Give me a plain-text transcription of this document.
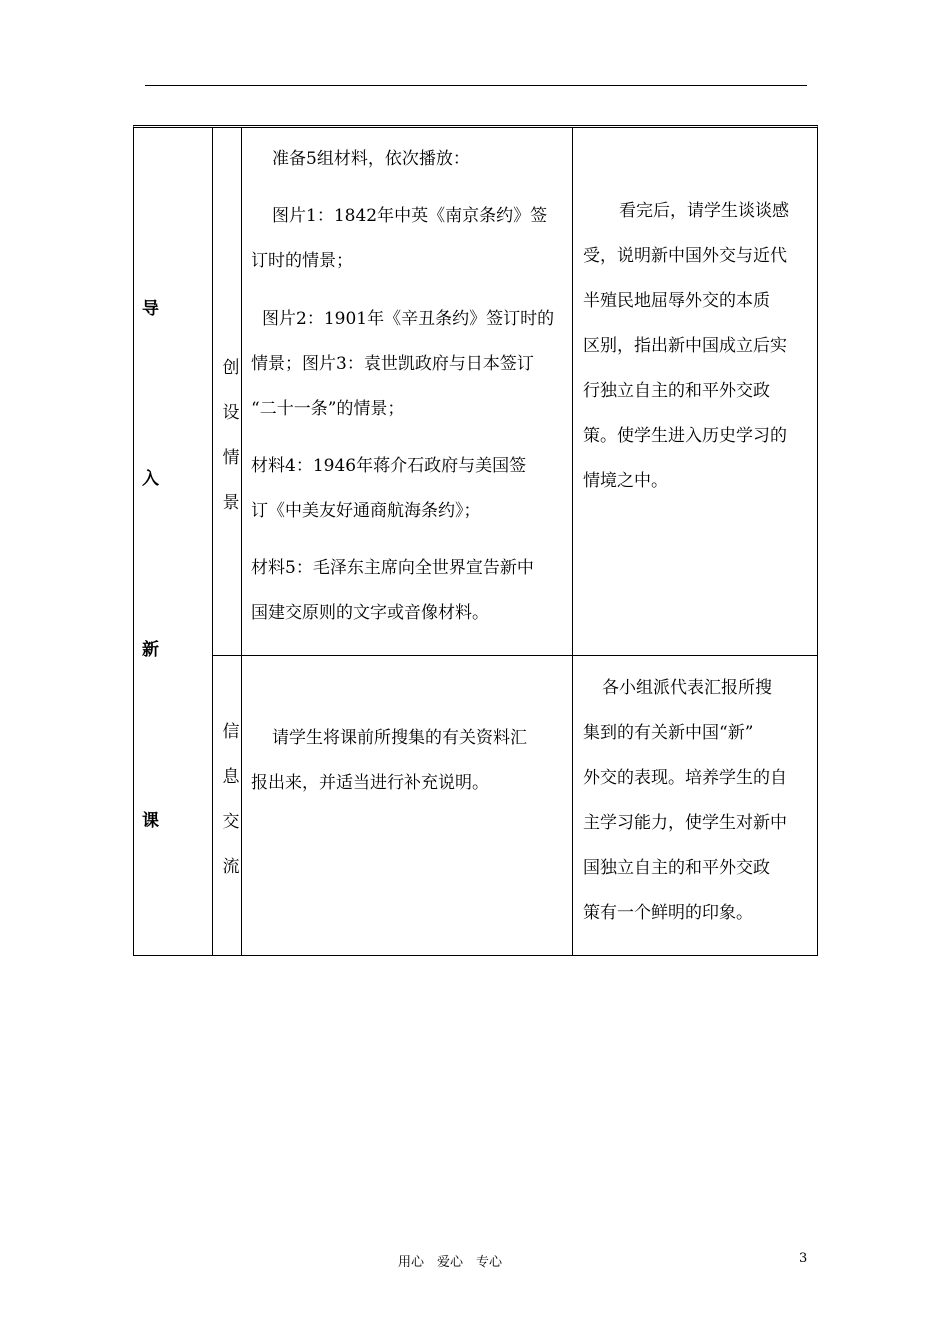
导
入
新
课
创
设
情
景
准备5组材料，依次播放：
图片1：1842年中英《南京条约》签
订时的情景；
图片2：1901年《辛丑条约》签订时的
情景；图片3：袁世凯政府与日本签订
“二十一条”的情景；
材料4：1946年蒋介石政府与美国签
订《中美友好通商航海条约》；
材料5：毛泽东主席向全世界宣告新中
国建交原则的文字或音像材料。
看完后，请学生谈谈感
受，说明新中国外交与近代
半殖民地屈辱外交的本质
区别，指出新中国成立后实
行独立自主的和平外交政
策。使学生进入历史学习的
情境之中。
信
息
交
流
请学生将课前所搜集的有关资料汇
报出来，并适当进行补充说明。
各小组派代表汇报所搜
集到的有关新中国“新”
外交的表现。培养学生的自
主学习能力，使学生对新中
国独立自主的和平外交政
策有一个鲜明的印象。
用心　爱心　专心	3
